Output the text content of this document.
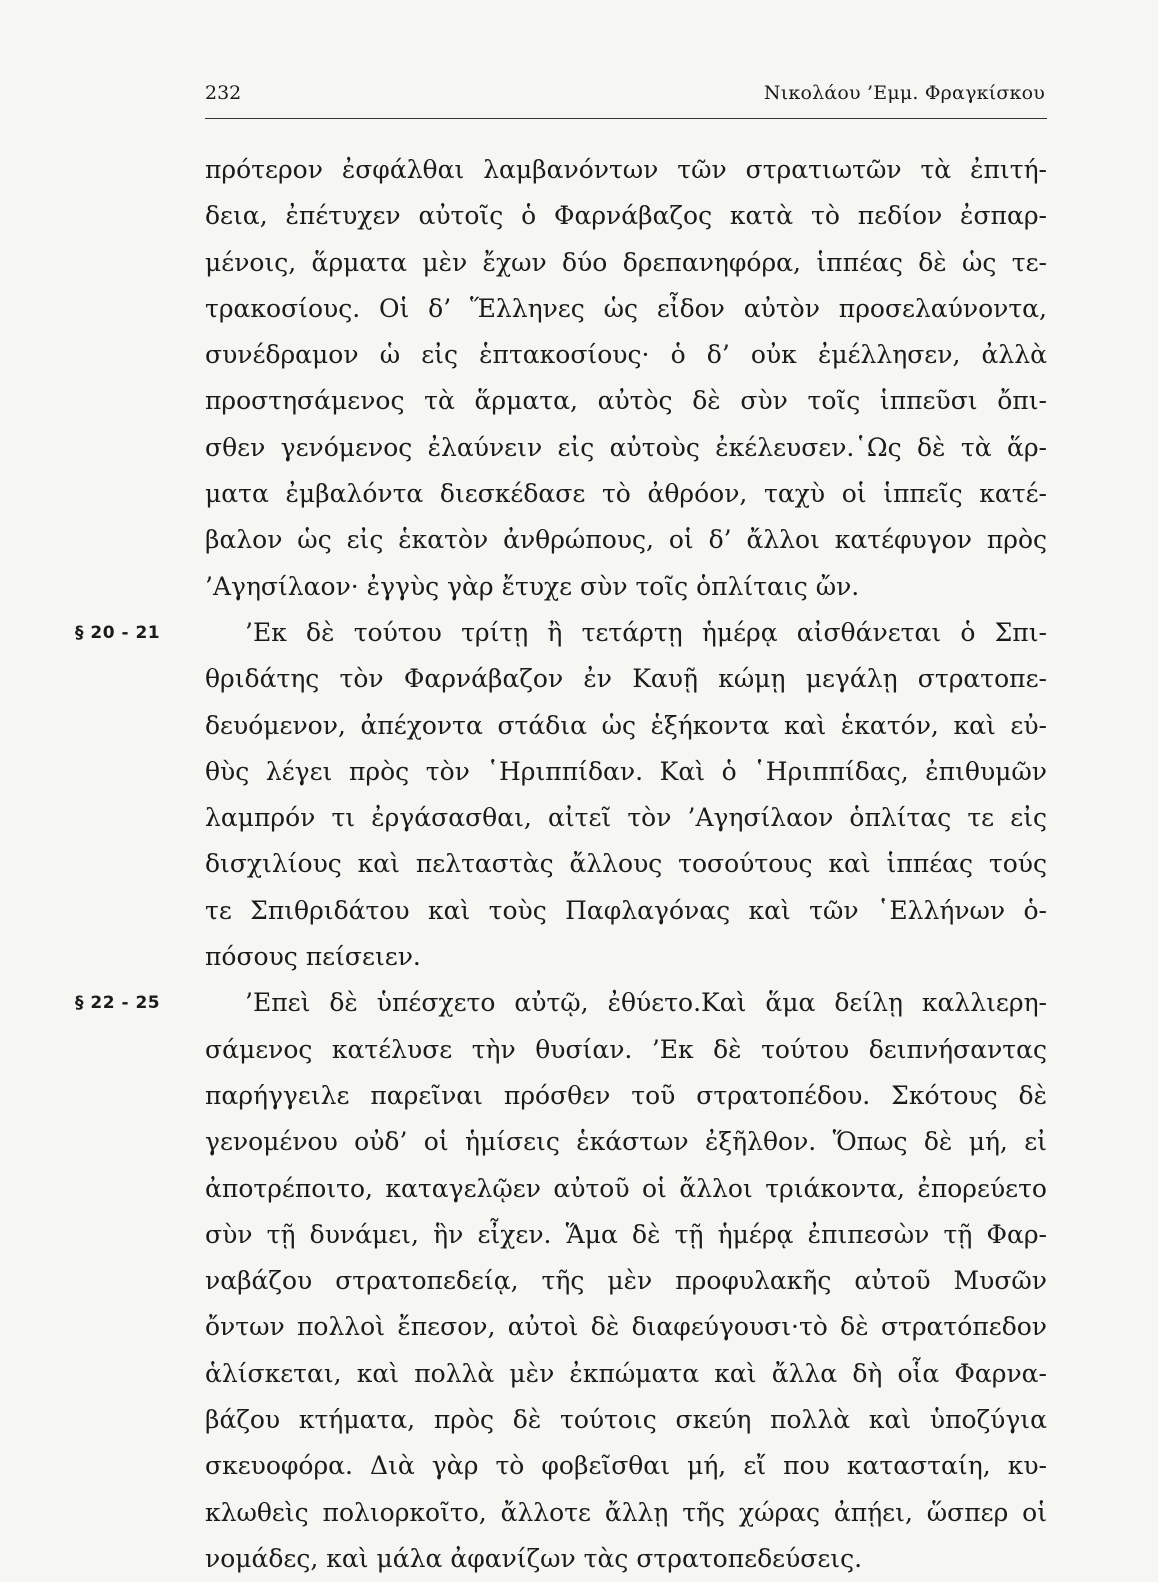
232	Νικολάου ’Εμμ. Φραγκίσκου
πρότερον ἐσφάλθαι λαμβανόντων τῶν στρατιωτῶν τὰ ἐπιτή-
δεια, ἐπέτυχεν αὐτοῖς ὁ Φαρνάβαζος κατὰ τὸ πεδίον ἐσπαρ-
μένοις, ἅρματα μὲν ἔχων δύο δρεπανηφόρα, ἱππέας δὲ ὡς τε-
τρακοσίους. Οἱ δ’ Ἕλληνες ὡς εἶδον αὐτὸν προσελαύνοντα,
συνέδραμον ὡ εἰς ἑπτακοσίους· ὁ δ’ οὐκ ἐμέλλησεν, ἀλλὰ
προστησάμενος τὰ ἅρματα, αὐτὸς δὲ σὺν τοῖς ἱππεῦσι ὄπι-
σθεν γενόμενος ἐλαύνειν εἰς αὐτοὺς ἐκέλευσεν.῾Ως δὲ τὰ ἅρ-
ματα ἐμβαλόντα διεσκέδασε τὸ ἀθρόον, ταχὺ οἱ ἱππεῖς κατέ-
βαλον ὡς εἰς ἑκατὸν ἀνθρώπους, οἱ δ’ ἄλλοι κατέφυγον πρὸς
’Αγησίλαον· ἐγγὺς γὰρ ἔτυχε σὺν τοῖς ὁπλίταις ὤν.
§ 20 - 21	’Εκ δὲ τούτου τρίτῃ ἢ τετάρτῃ ἡμέρᾳ αἰσθάνεται ὁ Σπι-
θριδάτης τὸν Φαρνάβαζον ἐν Καυῇ κώμῃ μεγάλῃ στρατοπε-
δευόμενον, ἀπέχοντα στάδια ὡς ἑξήκοντα καὶ ἑκατόν, καὶ εὐ-
θὺς λέγει πρὸς τὸν ῾Ηριππίδαν. Καὶ ὁ ῾Ηριππίδας, ἐπιθυμῶν
λαμπρόν τι ἐργάσασθαι, αἰτεῖ τὸν ’Αγησίλαον ὁπλίτας τε εἰς
δισχιλίους καὶ πελταστὰς ἄλλους τοσούτους καὶ ἱππέας τούς
τε Σπιθριδάτου καὶ τοὺς Παφλαγόνας καὶ τῶν ῾Ελλήνων ὁ-
πόσους πείσειεν.
§ 22 - 25	’Επεὶ δὲ ὑπέσχετο αὐτῷ, ἐθύετο.Καὶ ἅμα δείλῃ καλλιερη-
σάμενος κατέλυσε τὴν θυσίαν. ’Εκ δὲ τούτου δειπνήσαντας
παρήγγειλε παρεῖναι πρόσθεν τοῦ στρατοπέδου. Σκότους δὲ
γενομένου οὐδ’ οἱ ἡμίσεις ἑκάστων ἐξῆλθον. Ὅπως δὲ μή, εἰ
ἀποτρέποιτο, καταγελῷεν αὐτοῦ οἱ ἄλλοι τριάκοντα, ἐπορεύετο
σὺν τῇ δυνάμει, ἣν εἶχεν. Ἅμα δὲ τῇ ἡμέρᾳ ἐπιπεσὼν τῇ Φαρ-
ναβάζου στρατοπεδείᾳ, τῆς μὲν προφυλακῆς αὐτοῦ Μυσῶν
ὄντων πολλοὶ ἔπεσον, αὐτοὶ δὲ διαφεύγουσι·τὸ δὲ στρατόπεδον
ἁλίσκεται, καὶ πολλὰ μὲν ἐκπώματα καὶ ἄλλα δὴ οἷα Φαρνα-
βάζου κτήματα, πρὸς δὲ τούτοις σκεύη πολλὰ καὶ ὑποζύγια
σκευοφόρα. Διὰ γὰρ τὸ φοβεῖσθαι μή, εἴ που κατασταίη, κυ-
κλωθεὶς πολιορκοῖτο, ἄλλοτε ἄλλῃ τῆς χώρας ἀπῄει, ὥσπερ οἱ
νομάδες, καὶ μάλα ἀφανίζων τὰς στρατοπεδεύσεις.
